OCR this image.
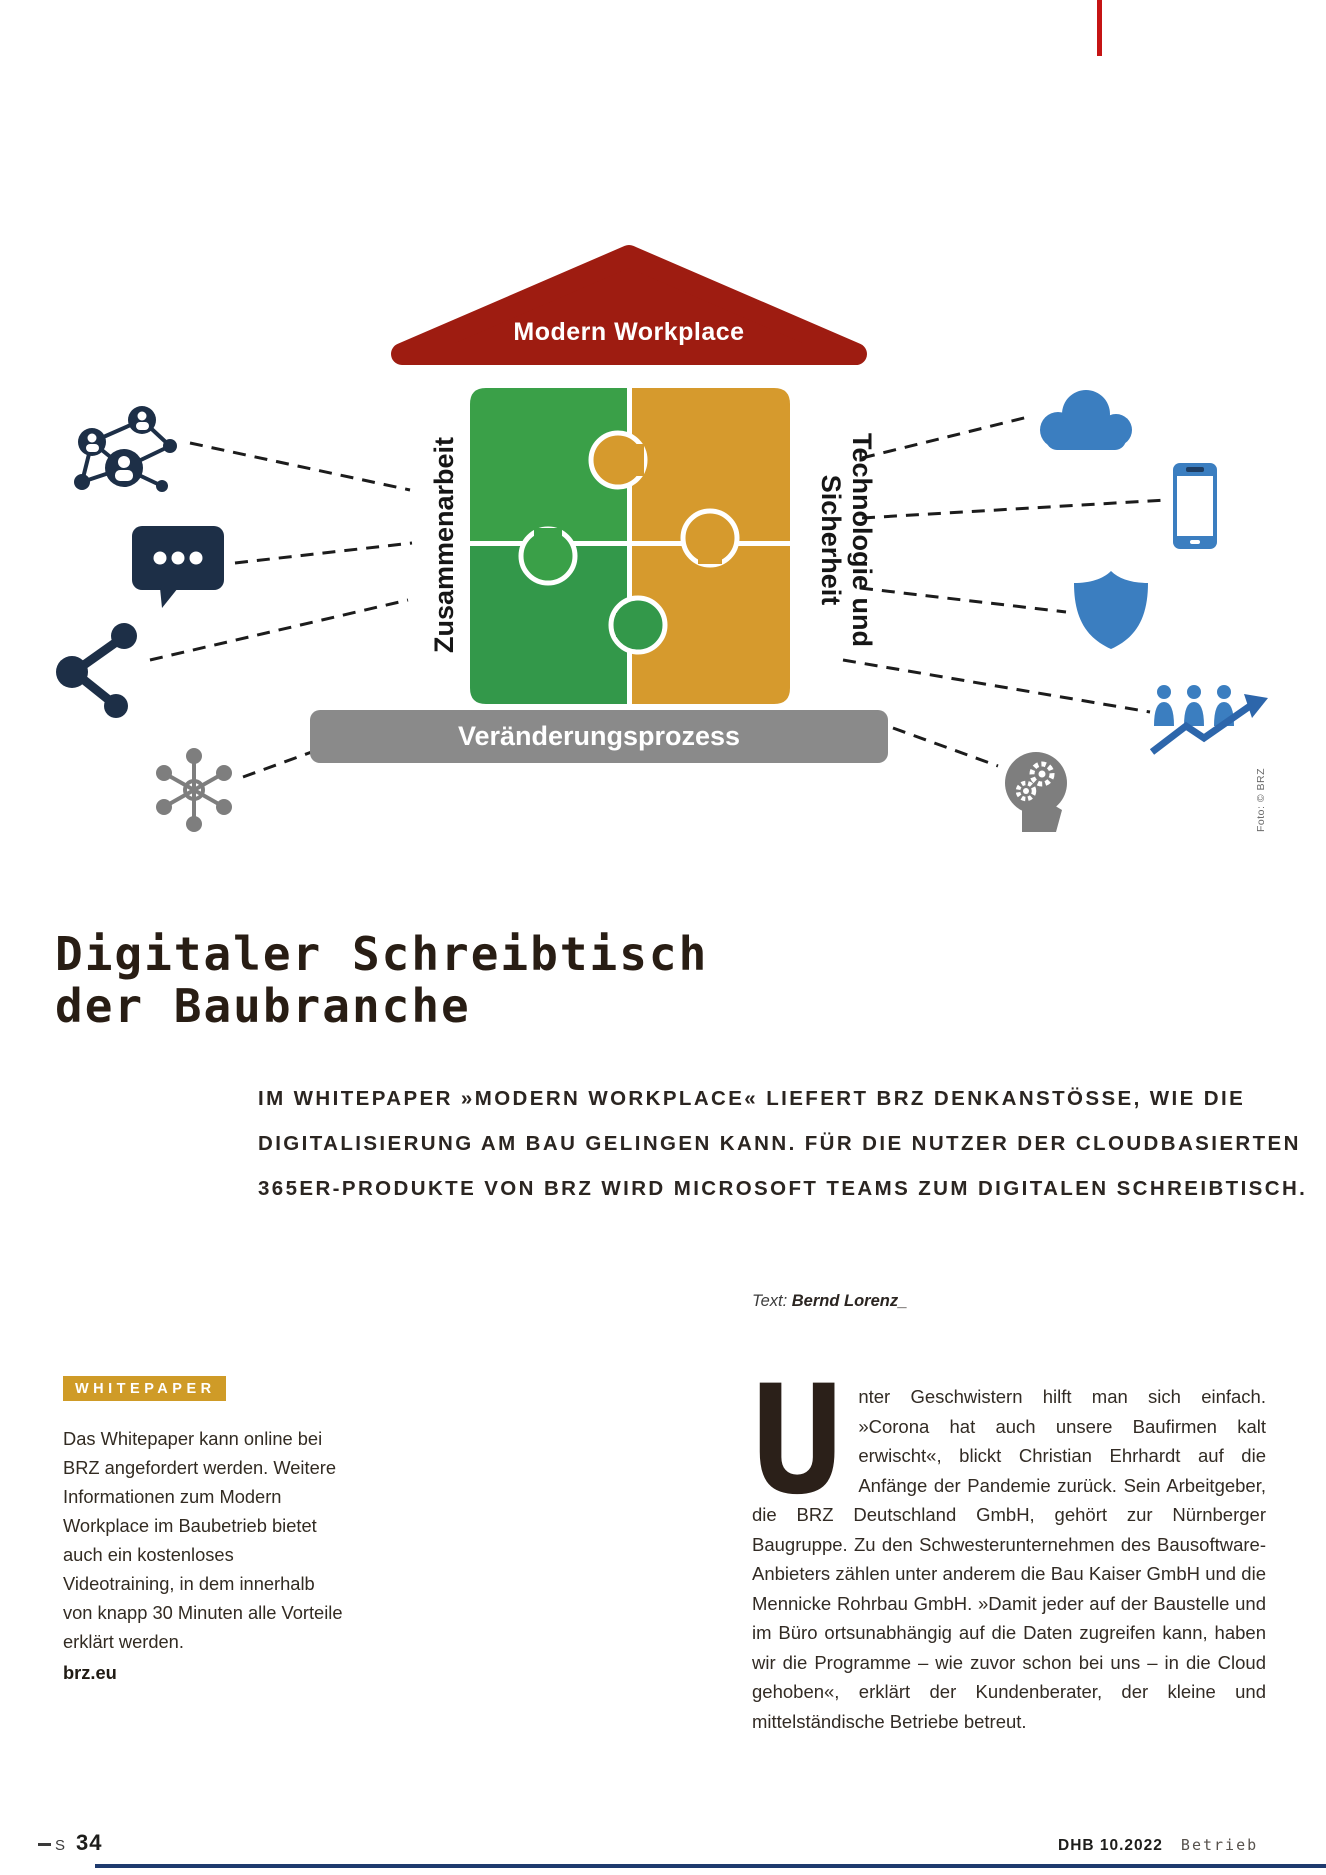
Modern Workplace
Zusammenarbeit	Technologie und
Sicherheit
Veränderungsprozess
Foto: © BRZ
Digitaler Schreibtisch
der Baubranche
IM WHITEPAPER »MODERN WORKPLACE« LIEFERT BRZ DENKANSTÖSSE, WIE DIE
DIGITALISIERUNG AM BAU GELINGEN KANN. FÜR DIE NUTZER DER CLOUDBASIERTEN
365ER-PRODUKTE VON BRZ WIRD MICROSOFT TEAMS ZUM DIGITALEN SCHREIBTISCH.
Text: Bernd Lorenz_
WHITEPAPER
Das Whitepaper kann online bei BRZ angefordert werden. Weitere Informationen zum Modern Workplace im Baubetrieb bietet auch ein kostenloses Videotraining, in dem innerhalb von knapp 30 Minuten alle Vorteile erklärt werden.
brz.eu
Unter Geschwistern hilft man sich einfach. »Corona hat auch unsere Baufirmen kalt erwischt«, blickt Christian Ehrhardt auf die Anfänge der Pandemie zurück. Sein Arbeitgeber, die BRZ Deutschland GmbH, gehört zur Nürnberger Baugruppe. Zu den Schwesterunternehmen des Bausoftware-Anbieters zählen unter anderem die Bau Kaiser GmbH und die Mennicke Rohrbau GmbH. »Damit jeder auf der Baustelle und im Büro ortsunabhängig auf die Daten zugreifen kann, haben wir die Programme – wie zuvor schon bei uns – in die Cloud gehoben«, erklärt der Kundenberater, der kleine und mittelständische Betriebe betreut.
S 34	DHB 10.2022 Betrieb
